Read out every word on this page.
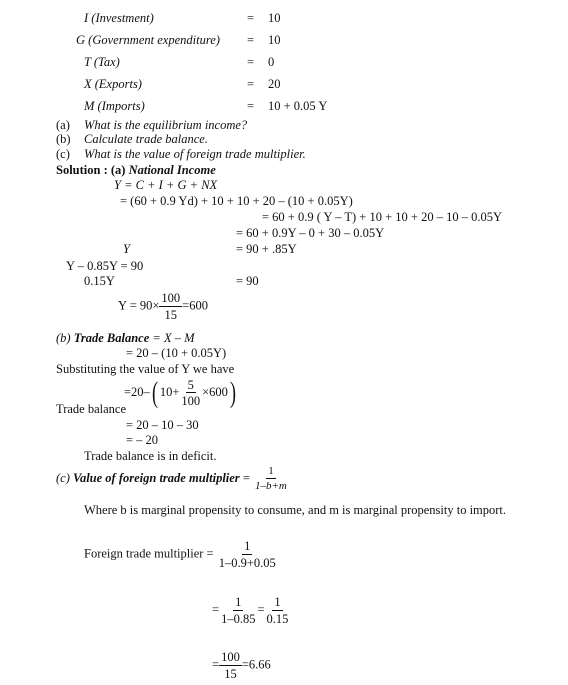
I (Investment)	= 10
G (Government expenditure) = 10
T (Tax)	= 0
X (Exports)	= 20
M (Imports)	= 10 + 0.05 Y
(a) What is the equilibrium income?
(b) Calculate trade balance.
(c) What is the value of foreign trade multiplier.
Solution : (a) National Income
Y = C + I + G + NX
= (60 + 0.9 Yd) + 10 + 10 + 20 – (10 + 0.05Y)
= 60 + 0.9 ( Y – T) + 10 + 10 + 20 – 10 – 0.05Y
= 60 + 0.9Y – 0 + 30 – 0.05Y
Y	= 90 + .85Y
Y – 0.85Y = 90
0.15Y	= 90
$Y = 90\times \frac{100}{15} =600$
(b) Trade Balance = X – M
= 20 – (10 + 0.05Y)
Substituting the value of Y we have
=20–( $10+ \frac{5}{100} \times 600$)
Trade balance
= 20 – 10 – 30
= – 20
Trade balance is in deficit.
(c) Value of foreign trade multiplier = $\frac{1}{1-b+m}$
Where b is marginal propensity to consume, and m is marginal propensity to import.
Foreign trade multiplier = $\frac{1}{1-0.9+0.05}$
= $\frac{1}{1-0.85} = \frac{1}{0.15}$
= $\frac{100}{15} =6.66$
